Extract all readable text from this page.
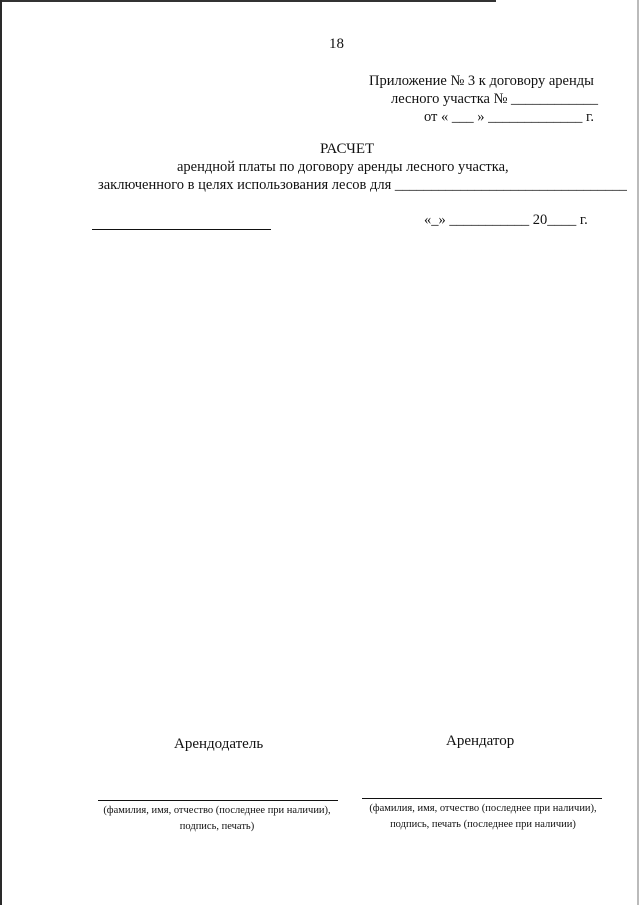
18
Приложение № 3 к договору аренды
лесного участка № ____________
от « ___ » _____________ г.
РАСЧЕТ
арендной платы по договору аренды лесного участка,
заключенного в целях использования лесов для ________________________________
«_» ___________ 20____ г.
Арендодатель
(фамилия, имя, отчество (последнее при наличии), подпись, печать)
Арендатор
(фамилия, имя, отчество (последнее при наличии), подпись, печать (последнее при наличии)
